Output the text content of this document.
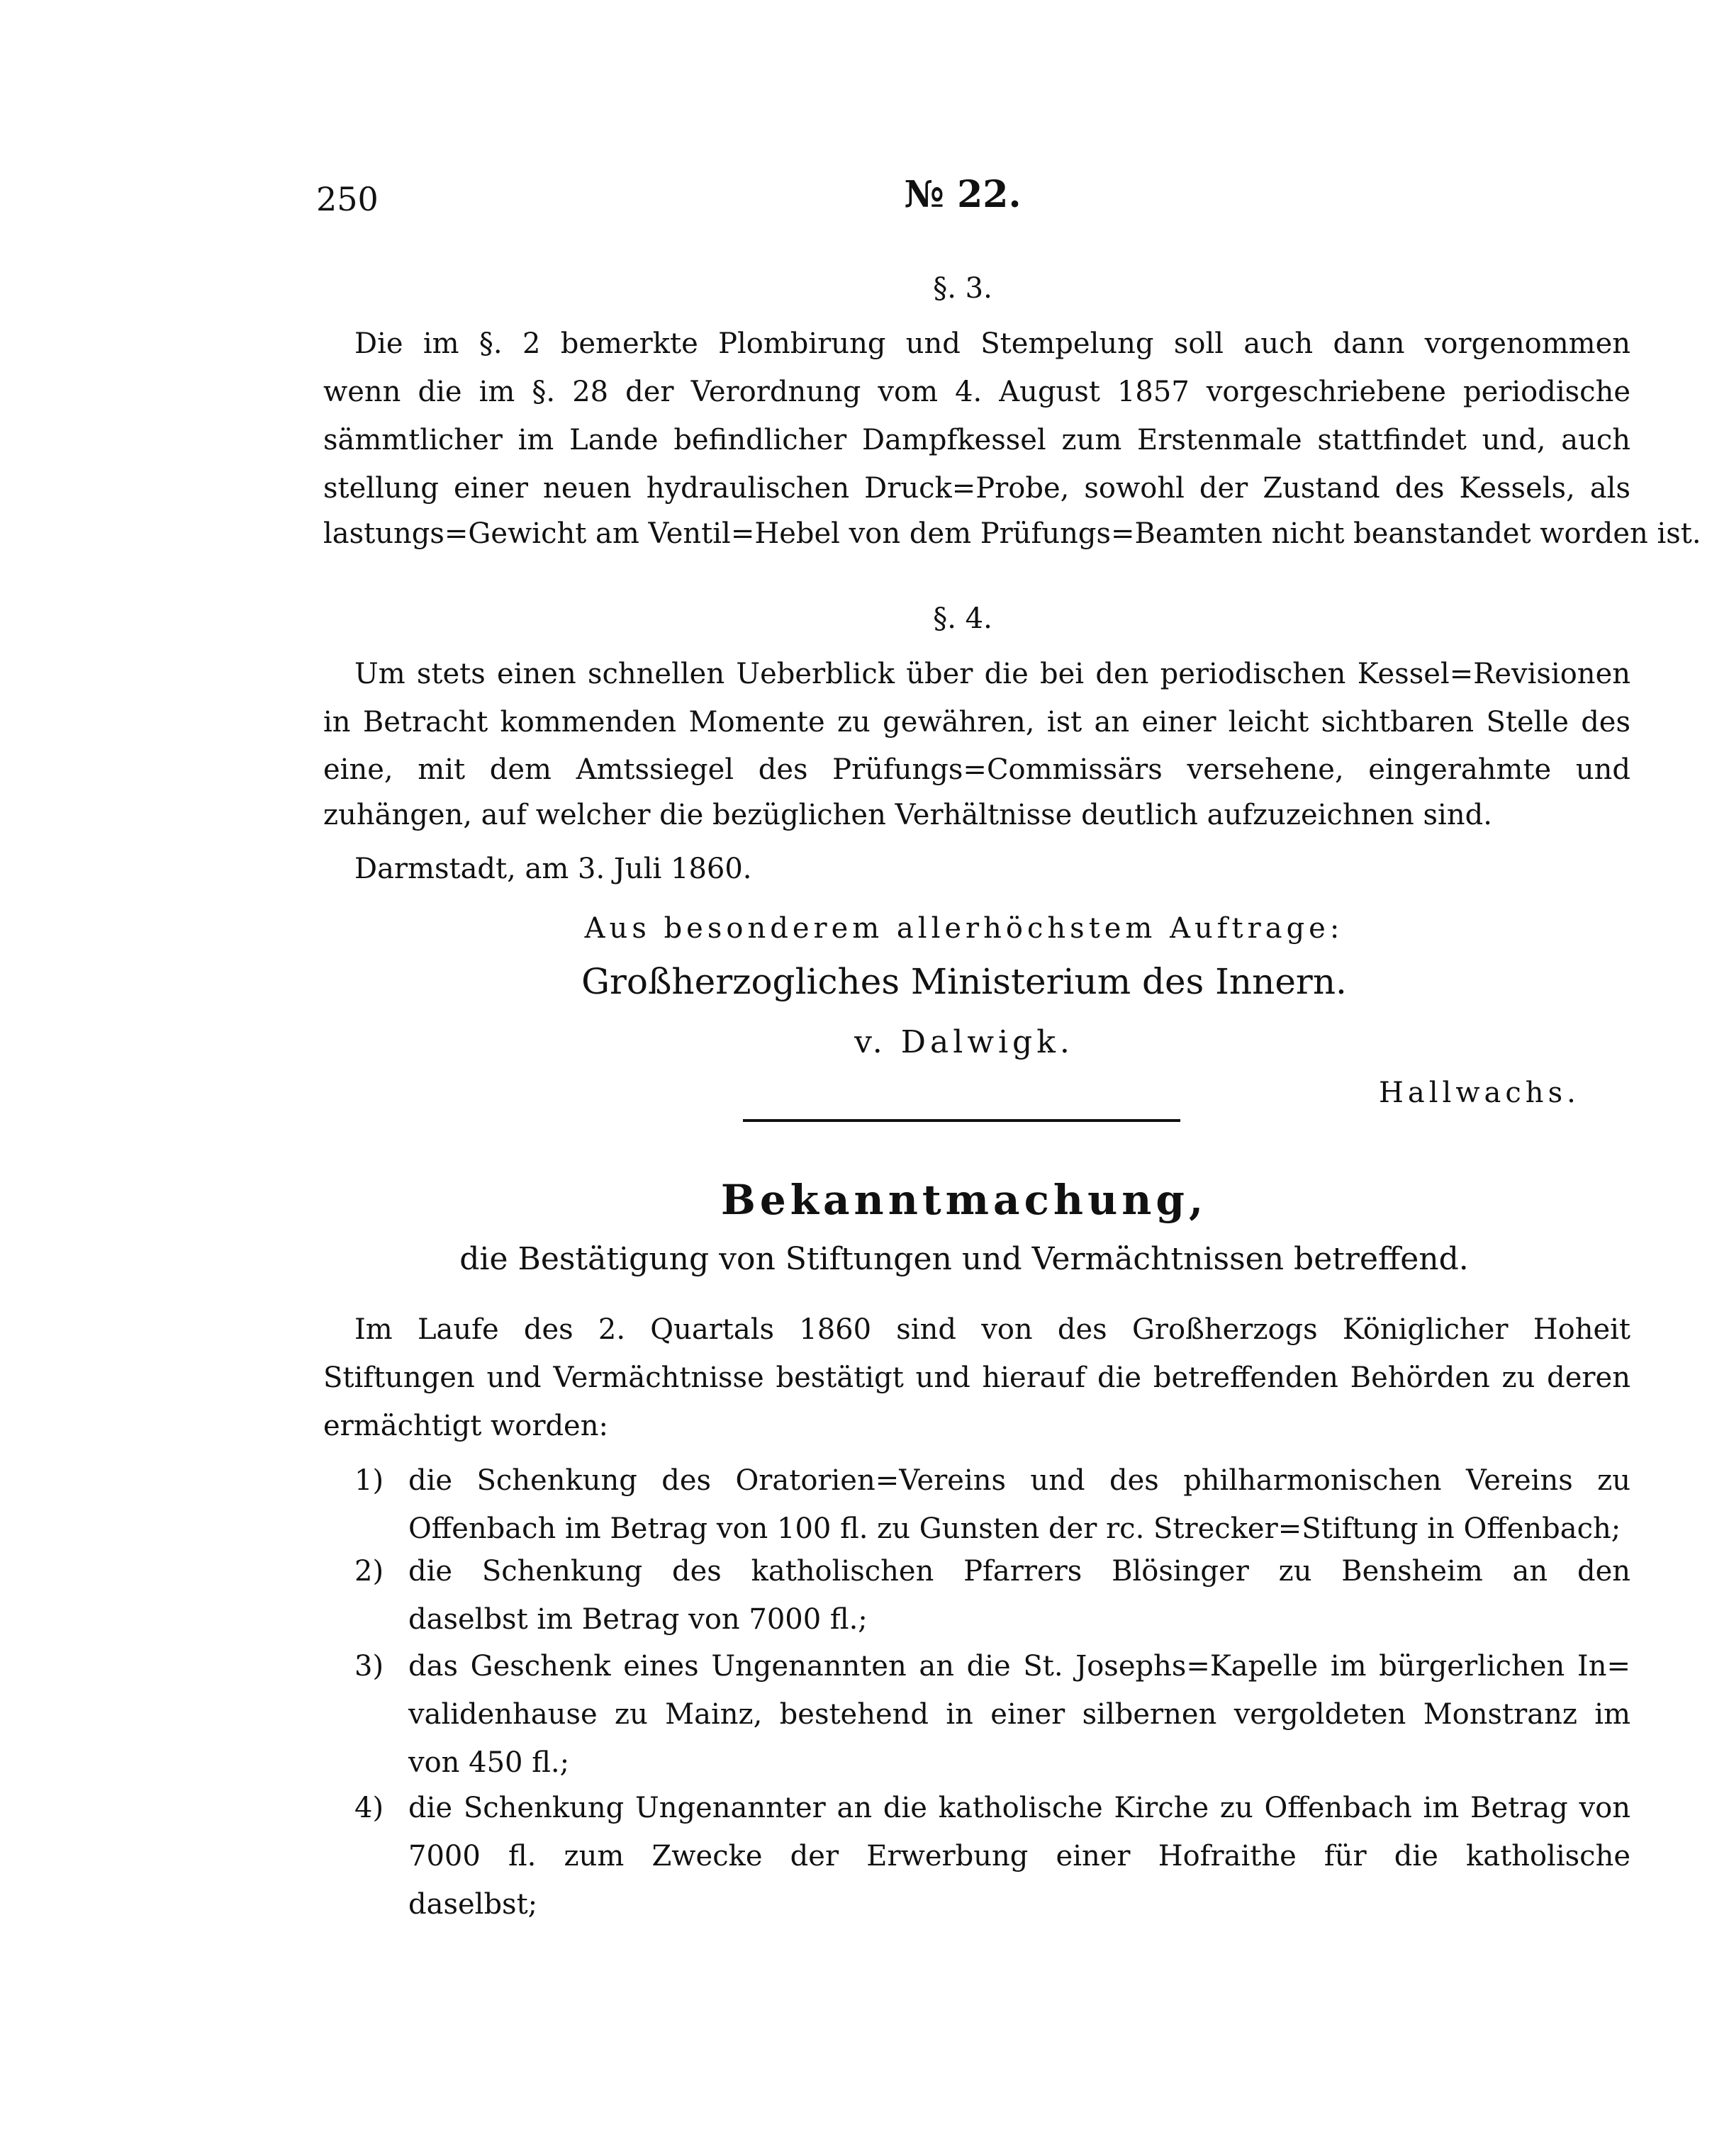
250	№ 22.
§. 3.
Die im §. 2 bemerkte Plombirung und Stempelung soll auch dann vorgenommen
wenn die im §. 28 der Verordnung vom 4. August 1857 vorgeschriebene periodische
sämmtlicher im Lande befindlicher Dampfkessel zum Erstenmale stattfindet und, auch
stellung einer neuen hydraulischen Druck=Probe, sowohl der Zustand des Kessels, als
lastungs=Gewicht am Ventil=Hebel von dem Prüfungs=Beamten nicht beanstandet worden ist.
§. 4.
Um stets einen schnellen Ueberblick über die bei den periodischen Kessel=Revisionen
in Betracht kommenden Momente zu gewähren, ist an einer leicht sichtbaren Stelle des
eine, mit dem Amtssiegel des Prüfungs=Commissärs versehene, eingerahmte und
zuhängen, auf welcher die bezüglichen Verhältnisse deutlich aufzuzeichnen sind.
Darmstadt, am 3. Juli 1860.
Aus besonderem allerhöchstem Auftrage:
Großherzogliches Ministerium des Innern.
v. Dalwigk.
Hallwachs.
Bekanntmachung,
die Bestätigung von Stiftungen und Vermächtnissen betreffend.
Im Laufe des 2. Quartals 1860 sind von des Großherzogs Königlicher Hoheit
Stiftungen und Vermächtnisse bestätigt und hierauf die betreffenden Behörden zu deren
ermächtigt worden:
1) die Schenkung des Oratorien=Vereins und des philharmonischen Vereins zu
Offenbach im Betrag von 100 fl. zu Gunsten der rc. Strecker=Stiftung in Offenbach;
2) die Schenkung des katholischen Pfarrers Blösinger zu Bensheim an den
daselbst im Betrag von 7000 fl.;
3) das Geschenk eines Ungenannten an die St. Josephs=Kapelle im bürgerlichen In=
validenhause zu Mainz, bestehend in einer silbernen vergoldeten Monstranz im
von 450 fl.;
4) die Schenkung Ungenannter an die katholische Kirche zu Offenbach im Betrag von
7000 fl. zum Zwecke der Erwerbung einer Hofraithe für die katholische
daselbst;
